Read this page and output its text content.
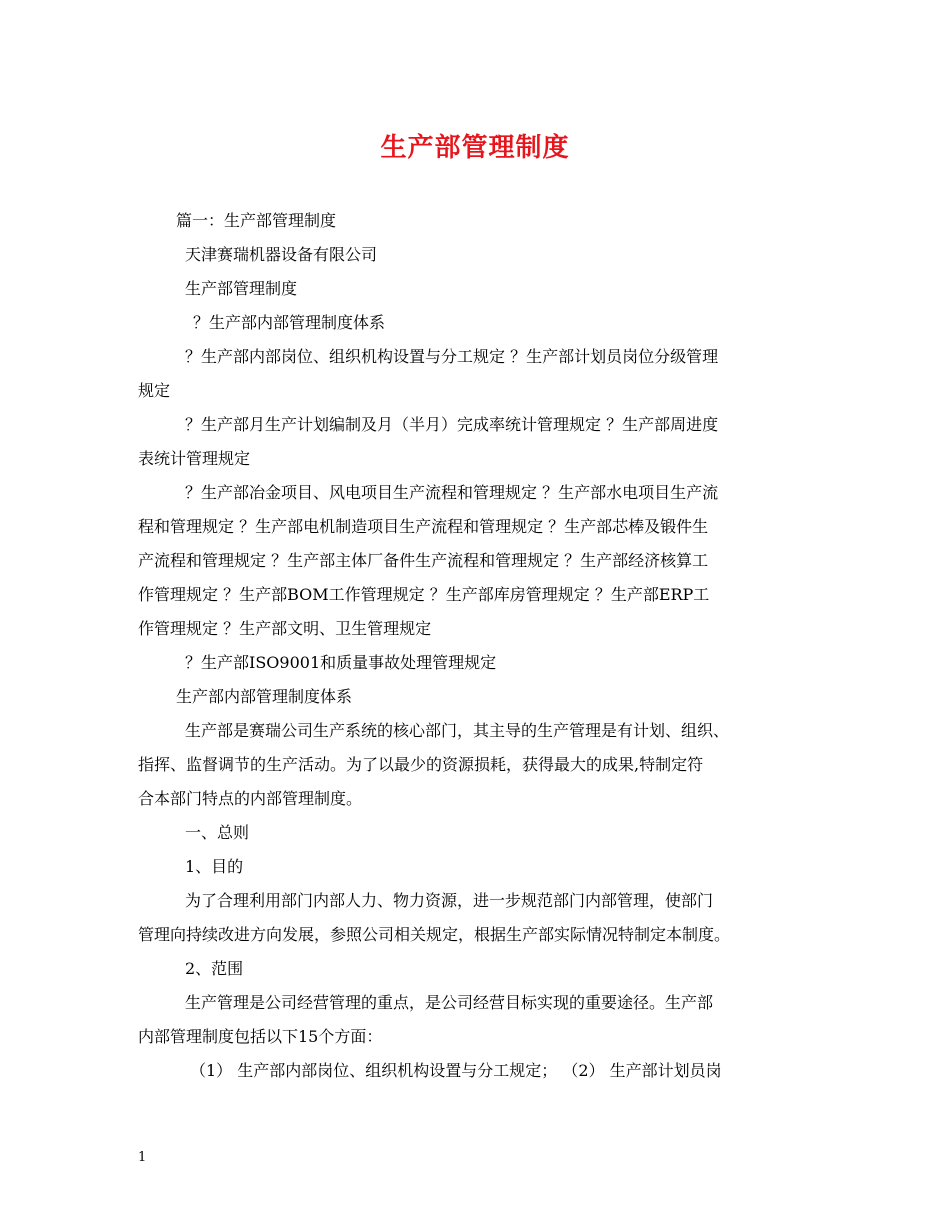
生产部管理制度
篇一：生产部管理制度
天津赛瑞机器设备有限公司
生产部管理制度
？生产部内部管理制度体系
？生产部内部岗位、组织机构设置与分工规定 ？生产部计划员岗位分级管理
规定
？生产部月生产计划编制及月（半月）完成率统计管理规定 ？生产部周进度
表统计管理规定
？生产部冶金项目、风电项目生产流程和管理规定 ？生产部水电项目生产流
程和管理规定 ？生产部电机制造项目生产流程和管理规定 ？生产部芯棒及锻件生
产流程和管理规定 ？生产部主体厂备件生产流程和管理规定 ？生产部经济核算工
作管理规定 ？生产部BOM工作管理规定 ？生产部库房管理规定 ？生产部ERP工
作管理规定 ？生产部文明、卫生管理规定
？生产部ISO9001和质量事故处理管理规定
生产部内部管理制度体系
生产部是赛瑞公司生产系统的核心部门，其主导的生产管理是有计划、组织、
指挥、监督调节的生产活动。为了以最少的资源损耗，获得最大的成果,特制定符
合本部门特点的内部管理制度。
一、总则
1、目的
为了合理利用部门内部人力、物力资源，进一步规范部门内部管理，使部门
管理向持续改进方向发展，参照公司相关规定，根据生产部实际情况特制定本制度。
2、范围
生产管理是公司经营管理的重点，是公司经营目标实现的重要途径。生产部
内部管理制度包括以下15个方面：
（1） 生产部内部岗位、组织机构设置与分工规定； （2） 生产部计划员岗
1
